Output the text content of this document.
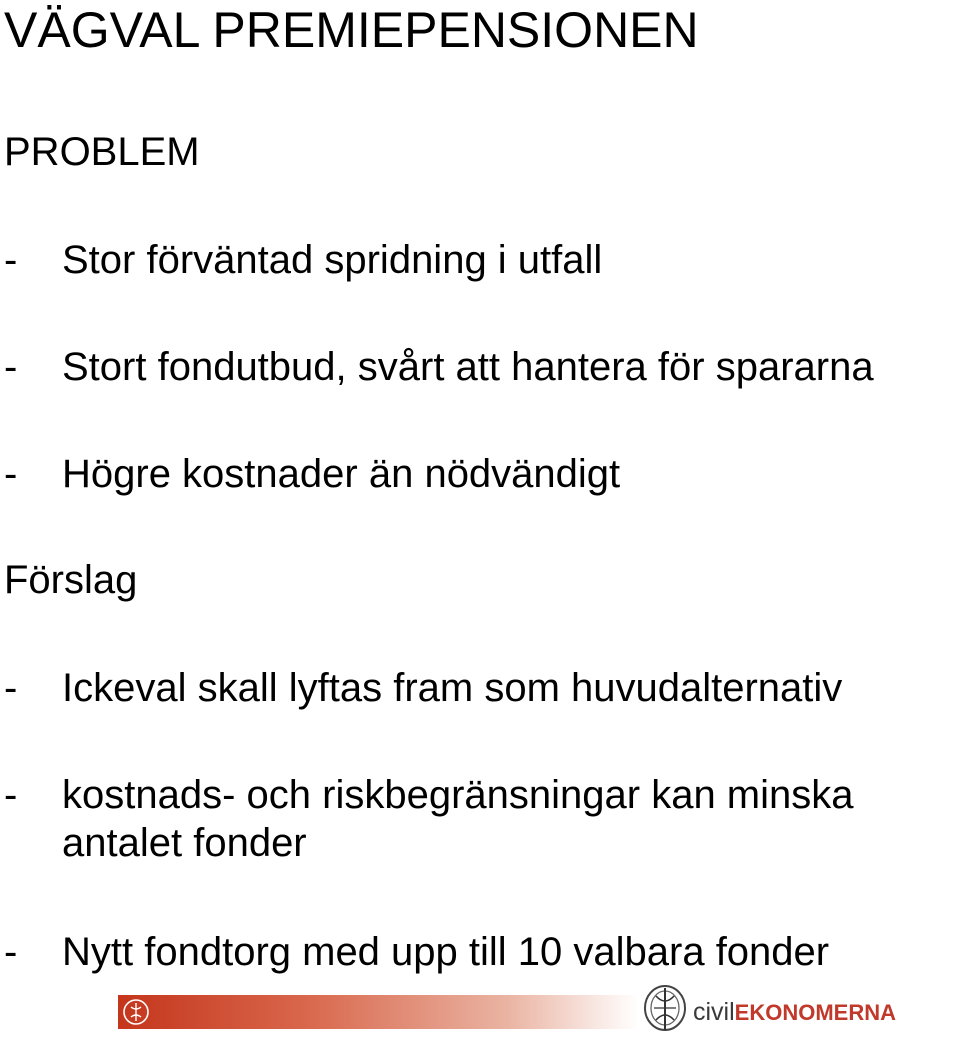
VÄGVAL PREMIEPENSIONEN
PROBLEM
- Stor förväntad spridning i utfall
- Stort fondutbud, svårt att hantera för spararna
- Högre kostnader än nödvändigt
Förslag
- Ickeval skall lyftas fram som huvudalternativ
- kostnads- och riskbegränsningar kan minska
antalet fonder
- Nytt fondtorg med upp till 10 valbara fonder
civilEKONOMERNA
